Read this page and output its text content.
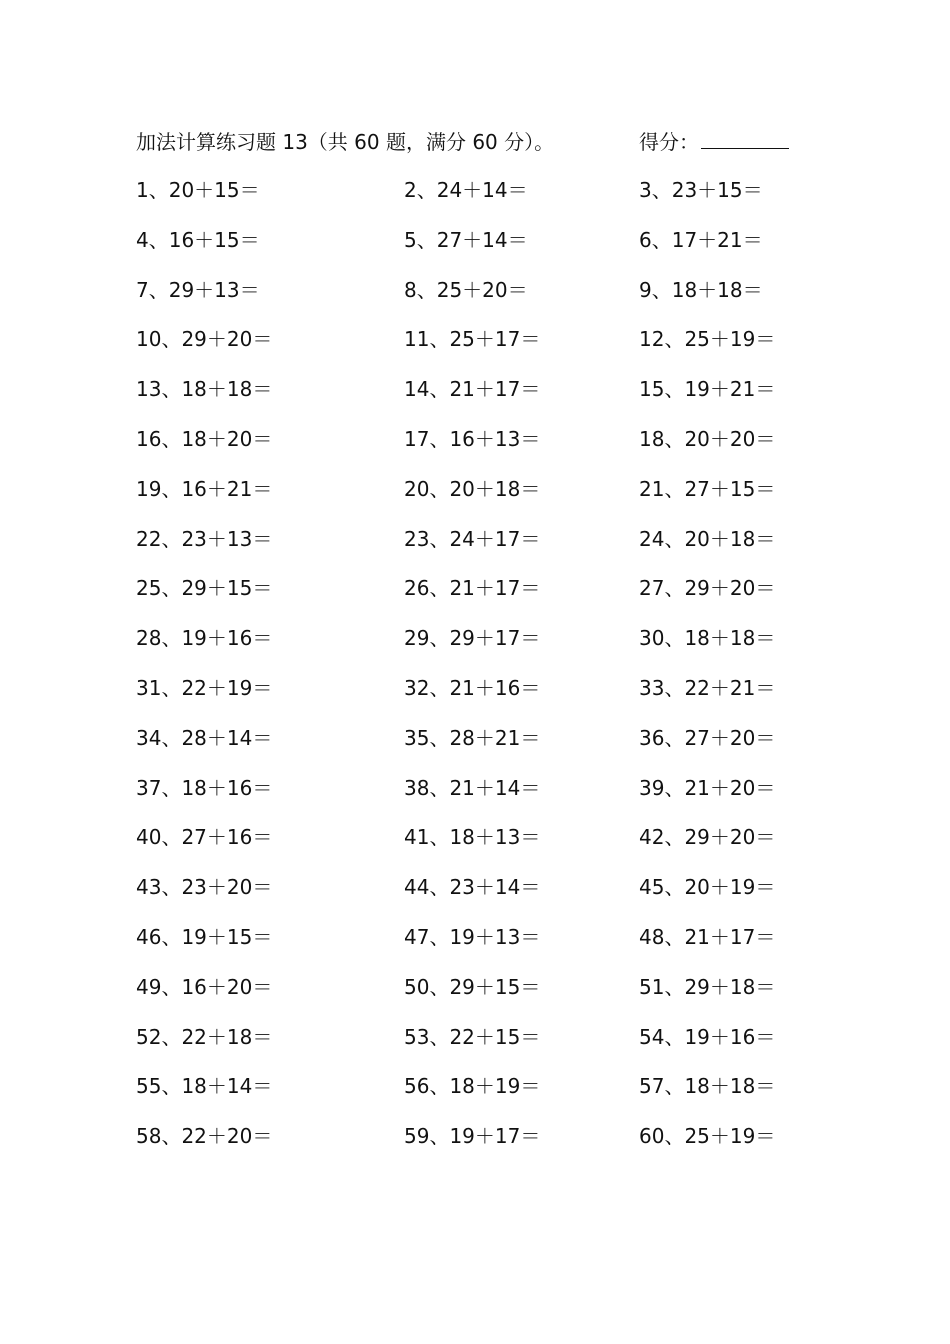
加法计算练习题 13（共 60 题，满分 60 分）。	得分：
1、20＋15＝	2、24＋14＝	3、23＋15＝
4、16＋15＝	5、27＋14＝	6、17＋21＝
7、29＋13＝	8、25＋20＝	9、18＋18＝
10、29＋20＝	11、25＋17＝	12、25＋19＝
13、18＋18＝	14、21＋17＝	15、19＋21＝
16、18＋20＝	17、16＋13＝	18、20＋20＝
19、16＋21＝	20、20＋18＝	21、27＋15＝
22、23＋13＝	23、24＋17＝	24、20＋18＝
25、29＋15＝	26、21＋17＝	27、29＋20＝
28、19＋16＝	29、29＋17＝	30、18＋18＝
31、22＋19＝	32、21＋16＝	33、22＋21＝
34、28＋14＝	35、28＋21＝	36、27＋20＝
37、18＋16＝	38、21＋14＝	39、21＋20＝
40、27＋16＝	41、18＋13＝	42、29＋20＝
43、23＋20＝	44、23＋14＝	45、20＋19＝
46、19＋15＝	47、19＋13＝	48、21＋17＝
49、16＋20＝	50、29＋15＝	51、29＋18＝
52、22＋18＝	53、22＋15＝	54、19＋16＝
55、18＋14＝	56、18＋19＝	57、18＋18＝
58、22＋20＝	59、19＋17＝	60、25＋19＝
